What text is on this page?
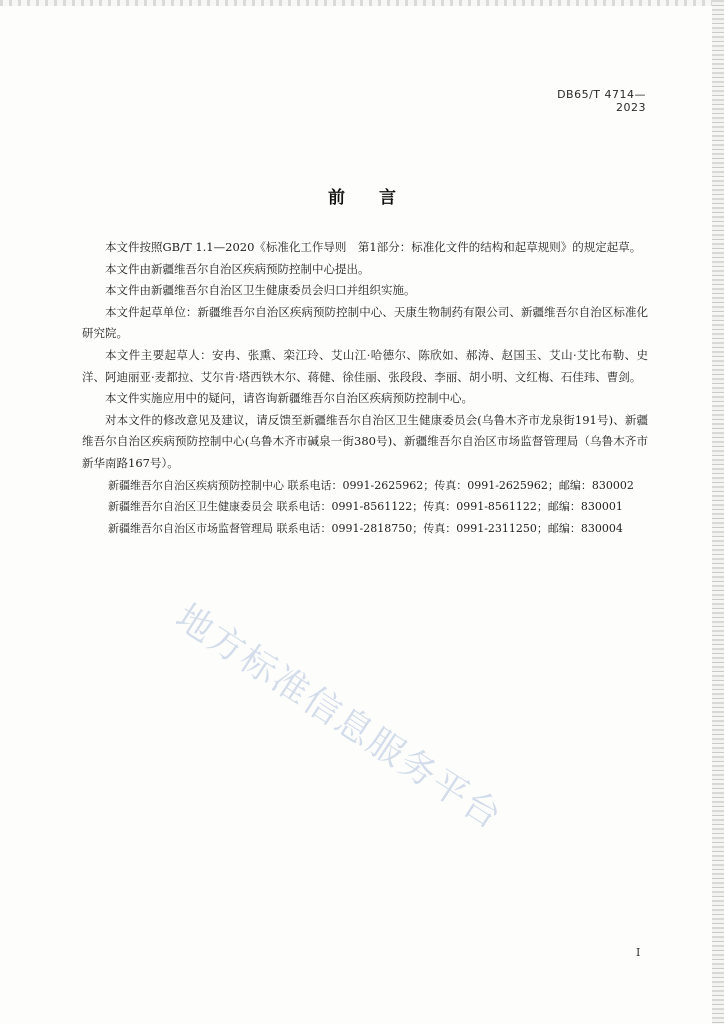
DB65/T 4714— 2023
前言

本文件按照GB/T 1.1—2020《标准化工作导则　第1部分：标准化文件的结构和起草规则》的规定起草。

本文件由新疆维吾尔自治区疾病预防控制中心提出。

本文件由新疆维吾尔自治区卫生健康委员会归口并组织实施。

本文件起草单位：新疆维吾尔自治区疾病预防控制中心、天康生物制药有限公司、新疆维吾尔自治区标准化研究院。

本文件主要起草人：安冉、张熏、栾江玲、艾山江·哈德尔、陈欣如、郝涛、赵国玉、艾山·艾比布勒、史洋、阿迪丽亚·麦都拉、艾尔肯·塔西铁木尔、蒋健、徐佳丽、张段段、李丽、胡小明、文红梅、石佳玮、曹剑。

本文件实施应用中的疑问，请咨询新疆维吾尔自治区疾病预防控制中心。

对本文件的修改意见及建议，请反馈至新疆维吾尔自治区卫生健康委员会(乌鲁木齐市龙泉街191号)、新疆维吾尔自治区疾病预防控制中心(乌鲁木齐市碱泉一街380号)、新疆维吾尔自治区市场监督管理局（乌鲁木齐市新华南路167号）。

新疆维吾尔自治区疾病预防控制中心 联系电话：0991-2625962；传真：0991-2625962；邮编：830002
新疆维吾尔自治区卫生健康委员会 联系电话：0991-8561122；传真：0991-8561122；邮编：830001
新疆维吾尔自治区市场监督管理局 联系电话：0991-2818750；传真：0991-2311250；邮编：830004
地方标准信息服务平台
I
